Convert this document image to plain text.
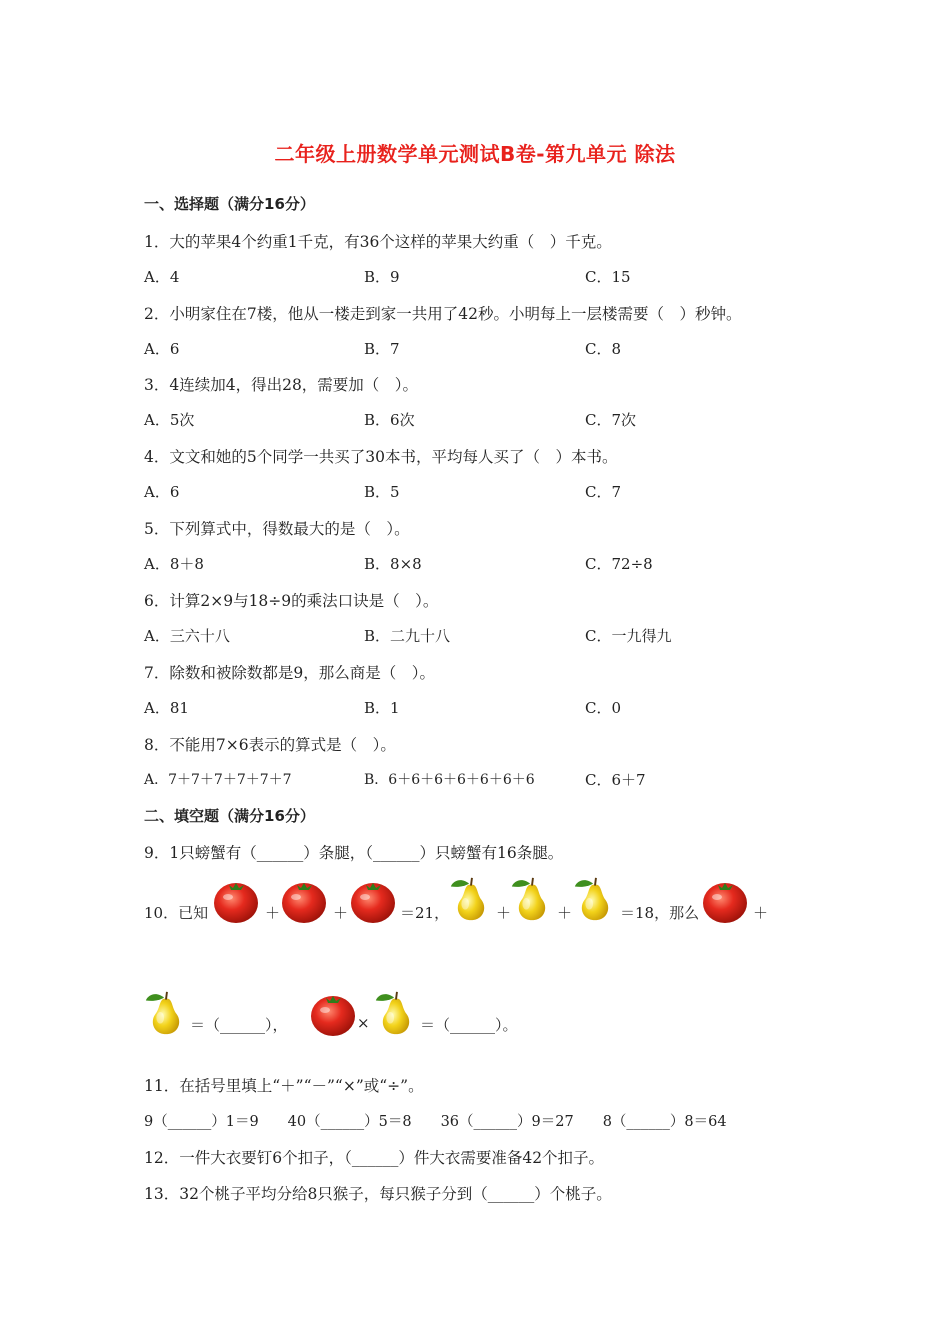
二年级上册数学单元测试B卷-第九单元 除法
一、选择题（满分16分）
1．大的苹果4个约重1千克，有36个这样的苹果大约重（　）千克。
A．4	B．9	C．15
2．小明家住在7楼，他从一楼走到家一共用了42秒。小明每上一层楼需要（　）秒钟。
A．6	B．7	C．8
3．4连续加4，得出28，需要加（　）。
A．5次	B．6次	C．7次
4．文文和她的5个同学一共买了30本书，平均每人买了（　）本书。
A．6	B．5	C．7
5．下列算式中，得数最大的是（　）。
A．8＋8	B．8×8	C．72÷8
6．计算2×9与18÷9的乘法口诀是（　）。
A．三六十八	B．二九十八	C．一九得九
7．除数和被除数都是9，那么商是（　）。
A．81	B．1	C．0
8．不能用7×6表示的算式是（　）。
A．7＋7＋7＋7＋7＋7	B．6＋6＋6＋6＋6＋6＋6	C．6＋7
二、填空题（满分16分）
9．1只螃蟹有（______）条腿，（______）只螃蟹有16条腿。
10．已知	＋	＋	＝21，	＋	＋	＝18，那么	＋
＝（______），	×	＝（______）。
11．在括号里填上“＋”“－”“×”或“÷”。
9（______）1＝9　　40（______）5＝8　　36（______）9＝27　　8（______）8＝64
12．一件大衣要钉6个扣子，（______）件大衣需要准备42个扣子。
13．32个桃子平均分给8只猴子，每只猴子分到（______）个桃子。
